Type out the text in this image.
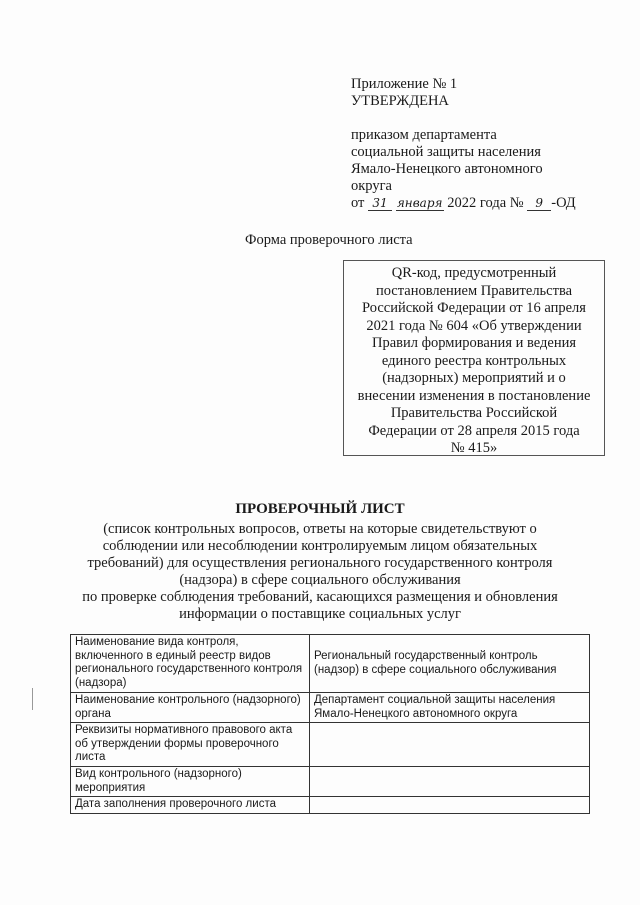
Приложение № 1
УТВЕРЖДЕНА
приказом департамента
социальной защиты населения
Ямало-Ненецкого автономного
округа
от 31 января 2022 года № 9 -ОД
Форма проверочного листа
QR-код, предусмотренный
постановлением Правительства
Российской Федерации от 16 апреля
2021 года № 604 «Об утверждении
Правил формирования и ведения
единого реестра контрольных
(надзорных) мероприятий и о
внесении изменения в постановление
Правительства Российской
Федерации от 28 апреля 2015 года
№ 415»
ПРОВЕРОЧНЫЙ ЛИСТ
(список контрольных вопросов, ответы на которые свидетельствуют о
соблюдении или несоблюдении контролируемым лицом обязательных
требований) для осуществления регионального государственного контроля
(надзора) в сфере социального обслуживания
по проверке соблюдения требований, касающихся размещения и обновления
информации о поставщике социальных услуг
Наименование вида контроля, включенного в единый реестр видов регионального государственного контроля (надзора)	Региональный государственный контроль (надзор) в сфере социального обслуживания
Наименование контрольного (надзорного) органа	Департамент социальной защиты населения Ямало-Ненецкого автономного округа
Реквизиты нормативного правового акта об утверждении формы проверочного листа	
Вид контрольного (надзорного) мероприятия	
Дата заполнения проверочного листа	
